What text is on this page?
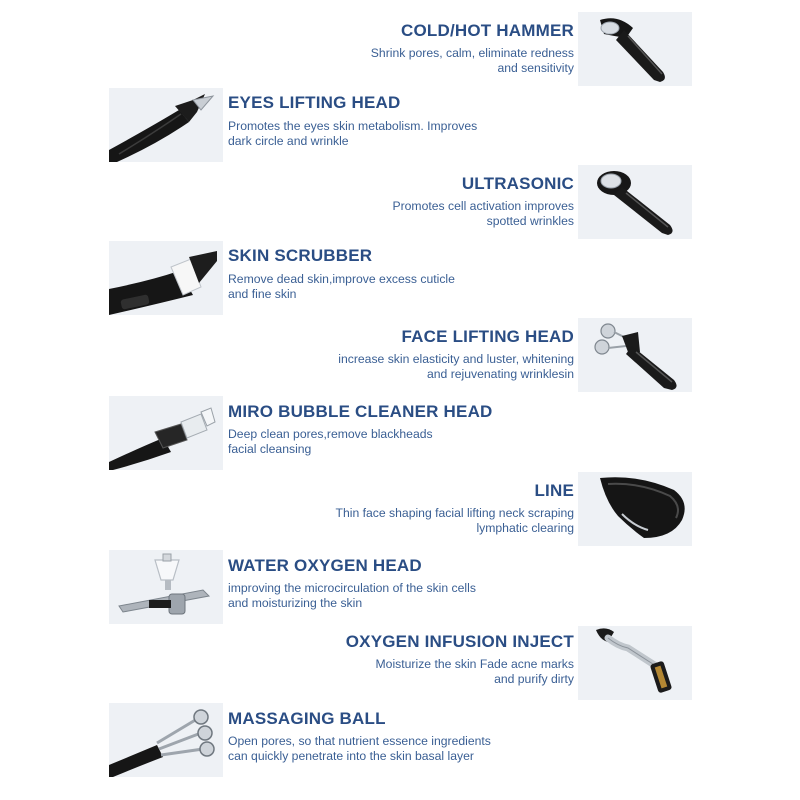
COLD/HOT HAMMER
Shrink pores, calm, eliminate redness
and sensitivity
EYES LIFTING HEAD
Promotes the eyes skin metabolism. Improves
dark circle and wrinkle
ULTRASONIC
Promotes cell activation improves
spotted wrinkles
SKIN SCRUBBER
Remove dead skin,improve excess cuticle
and fine skin
FACE LIFTING HEAD
increase skin elasticity and luster, whitening
and rejuvenating wrinklesin
MIRO BUBBLE CLEANER HEAD
Deep clean pores,remove blackheads
facial cleansing
LINE
Thin face shaping facial lifting neck scraping
lymphatic clearing
WATER OXYGEN HEAD
improving the microcirculation of the skin cells
and moisturizing the skin
OXYGEN INFUSION INJECT
Moisturize the skin Fade acne marks
and purify dirty
MASSAGING BALL
Open pores, so that nutrient essence ingredients
can quickly penetrate into the skin basal layer
